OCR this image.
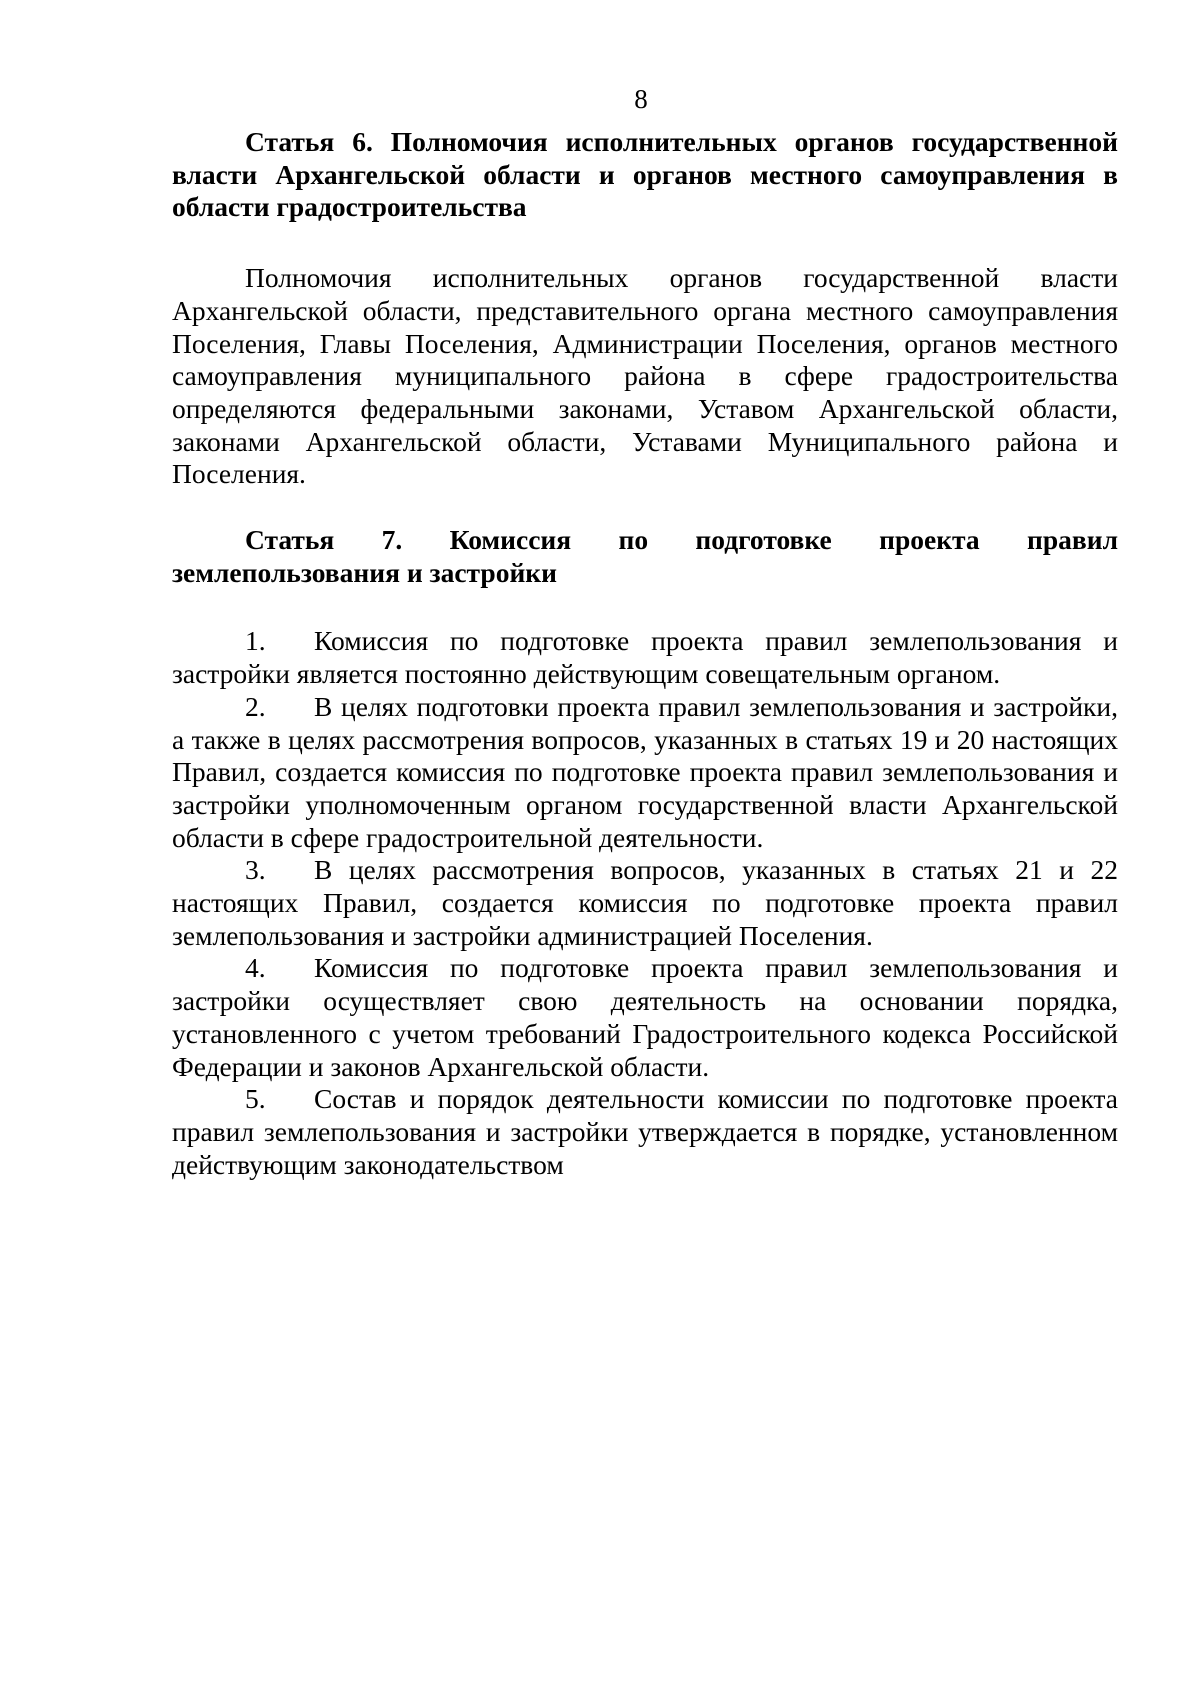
8

Статья 6. Полномочия исполнительных органов государственной власти Архангельской области и органов местного самоуправления в области градостроительства

Полномочия исполнительных органов государственной власти Архангельской области, представительного органа местного самоуправления Поселения, Главы Поселения, Администрации Поселения, органов местного самоуправления муниципального района в сфере градостроительства определяются федеральными законами, Уставом Архангельской области, законами Архангельской области, Уставами Муниципального района и Поселения.

Статья 7. Комиссия по подготовке проекта правил
землепользования и застройки

1. Комиссия по подготовке проекта правил землепользования и застройки является постоянно действующим совещательным органом.

2. В целях подготовки проекта правил землепользования и застройки, а также в целях рассмотрения вопросов, указанных в статьях 19 и 20 настоящих Правил, создается комиссия по подготовке проекта правил землепользования и застройки уполномоченным органом государственной власти Архангельской области в сфере градостроительной деятельности.

3. В целях рассмотрения вопросов, указанных в статьях 21 и 22 настоящих Правил, создается комиссия по подготовке проекта правил землепользования и застройки администрацией Поселения.

4. Комиссия по подготовке проекта правил землепользования и застройки осуществляет свою деятельность на основании порядка, установленного с учетом требований Градостроительного кодекса Российской Федерации и законов Архангельской области.

5. Состав и порядок деятельности комиссии по подготовке проекта правил землепользования и застройки утверждается в порядке, установленном действующим законодательством
